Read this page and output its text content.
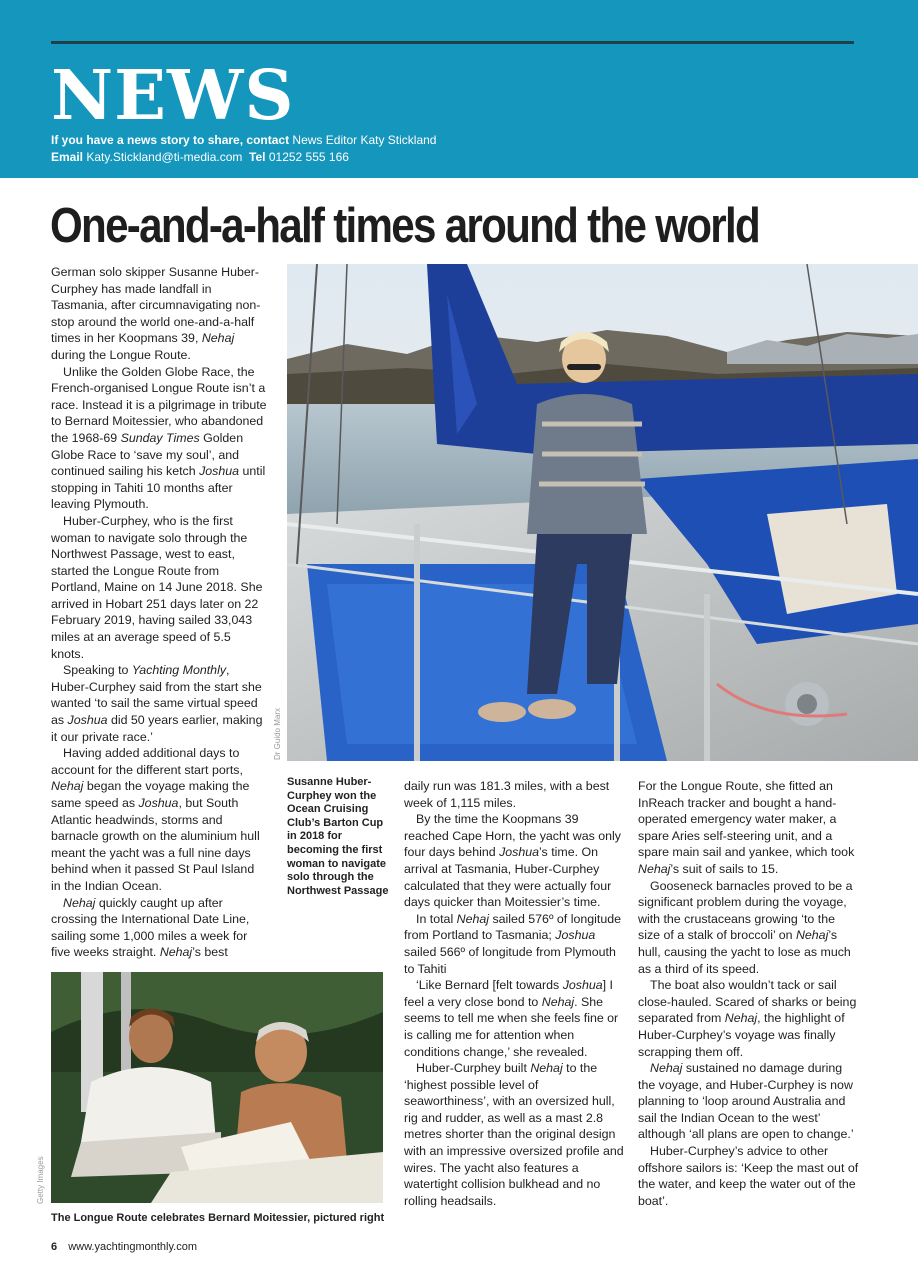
NEWS
If you have a news story to share, contact News Editor Katy Stickland
Email Katy.Stickland@ti-media.com Tel 01252 555 166
One-and-a-half times around the world

German solo skipper Susanne Huber-Curphey has made landfall in Tasmania, after circumnavigating non-stop around the world one-and-a-half times in her Koopmans 39, Nehaj during the Longue Route.

Unlike the Golden Globe Race, the French-organised Longue Route isn’t a race. Instead it is a pilgrimage in tribute to Bernard Moitessier, who abandoned the 1968-69 Sunday Times Golden Globe Race to ‘save my soul’, and continued sailing his ketch Joshua until stopping in Tahiti 10 months after leaving Plymouth.

Huber-Curphey, who is the first woman to navigate solo through the Northwest Passage, west to east, started the Longue Route from Portland, Maine on 14 June 2018. She arrived in Hobart 251 days later on 22 February 2019, having sailed 33,043 miles at an average speed of 5.5 knots.

Speaking to Yachting Monthly, Huber-Curphey said from the start she wanted ‘to sail the same virtual speed as Joshua did 50 years earlier, making it our private race.’

Having added additional days to account for the different start ports, Nehaj began the voyage making the same speed as Joshua, but South Atlantic headwinds, storms and barnacle growth on the aluminium hull meant the yacht was a full nine days behind when it passed St Paul Island in the Indian Ocean.

Nehaj quickly caught up after crossing the International Date Line, sailing some 1,000 miles a week for five weeks straight. Nehaj’s best

Dr Guido Marx
Susanne Huber-Curphey won the Ocean Cruising Club’s Barton Cup in 2018 for becoming the first woman to navigate solo through the Northwest Passage

daily run was 181.3 miles, with a best week of 1,115 miles.

By the time the Koopmans 39 reached Cape Horn, the yacht was only four days behind Joshua’s time. On arrival at Tasmania, Huber-Curphey calculated that they were actually four days quicker than Moitessier’s time.

In total Nehaj sailed 576º of longitude from Portland to Tasmania; Joshua sailed 566º of longitude from Plymouth to Tahiti

‘Like Bernard [felt towards Joshua] I feel a very close bond to Nehaj. She seems to tell me when she feels fine or is calling me for attention when conditions change,’ she revealed.

Huber-Curphey built Nehaj to the ‘highest possible level of seaworthiness’, with an oversized hull, rig and rudder, as well as a mast 2.8 metres shorter than the original design with an impressive oversized profile and wires. The yacht also features a watertight collision bulkhead and no rolling headsails.

For the Longue Route, she fitted an InReach tracker and bought a hand-operated emergency water maker, a spare Aries self-steering unit, and a spare main sail and yankee, which took Nehaj’s suit of sails to 15.

Gooseneck barnacles proved to be a significant problem during the voyage, with the crustaceans growing ‘to the size of a stalk of broccoli’ on Nehaj’s hull, causing the yacht to lose as much as a third of its speed.

The boat also wouldn’t tack or sail close-hauled. Scared of sharks or being separated from Nehaj, the highlight of Huber-Curphey’s voyage was finally scrapping them off.

Nehaj sustained no damage during the voyage, and Huber-Curphey is now planning to ‘loop around Australia and sail the Indian Ocean to the west’ although ‘all plans are open to change.’

Huber-Curphey’s advice to other offshore sailors is: ‘Keep the mast out of the water, and keep the water out of the boat’.

Getty Images
The Longue Route celebrates Bernard Moitessier, pictured right
6 www.yachtingmonthly.com
